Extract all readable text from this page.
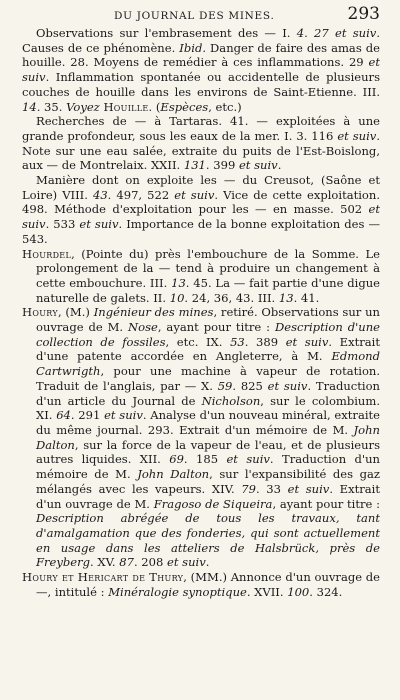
DU JOURNAL DES MINES.	293

Observations sur l'embrasement des — I. 4. 27 et suiv. Causes de ce phénomène. Ibid. Danger de faire des amas de houille. 28. Moyens de remédier à ces inflammations. 29 et suiv. Inflammation spontanée ou accidentelle de plusieurs couches de houille dans les environs de Saint-Etienne. III. 14. 35. Voyez Houille. (Espèces, etc.)

Recherches de — à Tartaras. 41. — exploitées à une grande profondeur, sous les eaux de la mer. I. 3. 116 et suiv. Note sur une eau salée, extraite du puits de l'Est-Boislong, aux — de Montrelaix. XXII. 131. 399 et suiv.

Manière dont on exploite les — du Creusot, (Saône et Loire) VIII. 43. 497, 522 et suiv. Vice de cette exploitation. 498. Méthode d'exploitation pour les — en masse. 502 et suiv. 533 et suiv. Importance de la bonne exploitation des — 543.

Hourdel, (Pointe du) près l'embouchure de la Somme. Le prolongement de la — tend à produire un changement à cette embouchure. III. 13. 45. La — fait partie d'une digue naturelle de galets. II. 10. 24, 36, 43. III. 13. 41.

Houry, (M.) Ingénieur des mines, retiré. Observations sur un ouvrage de M. Nose, ayant pour titre : Description d'une collection de fossiles, etc. IX. 53. 389 et suiv. Extrait d'une patente accordée en Angleterre, à M. Edmond Cartwrigth, pour une machine à vapeur de rotation. Traduit de l'anglais, par — X. 59. 825 et suiv. Traduction d'un article du Journal de Nicholson, sur le colombium. XI. 64. 291 et suiv. Analyse d'un nouveau minéral, extraite du même journal. 293. Extrait d'un mémoire de M. John Dalton, sur la force de la vapeur de l'eau, et de plusieurs autres liquides. XII. 69. 185 et suiv. Traduction d'un mémoire de M. John Dalton, sur l'expansibilité des gaz mélangés avec les vapeurs. XIV. 79. 33 et suiv. Extrait d'un ouvrage de M. Fragoso de Siqueira, ayant pour titre : Description abrégée de tous les travaux, tant d'amalgamation que des fonderies, qui sont actuellement en usage dans les atteliers de Halsbrück, près de Freyberg. XV. 87. 208 et suiv.

Houry et Hericart de Thury, (MM.) Annonce d'un ouvrage de —, intitulé : Minéralogie synoptique. XVII. 100. 324.
